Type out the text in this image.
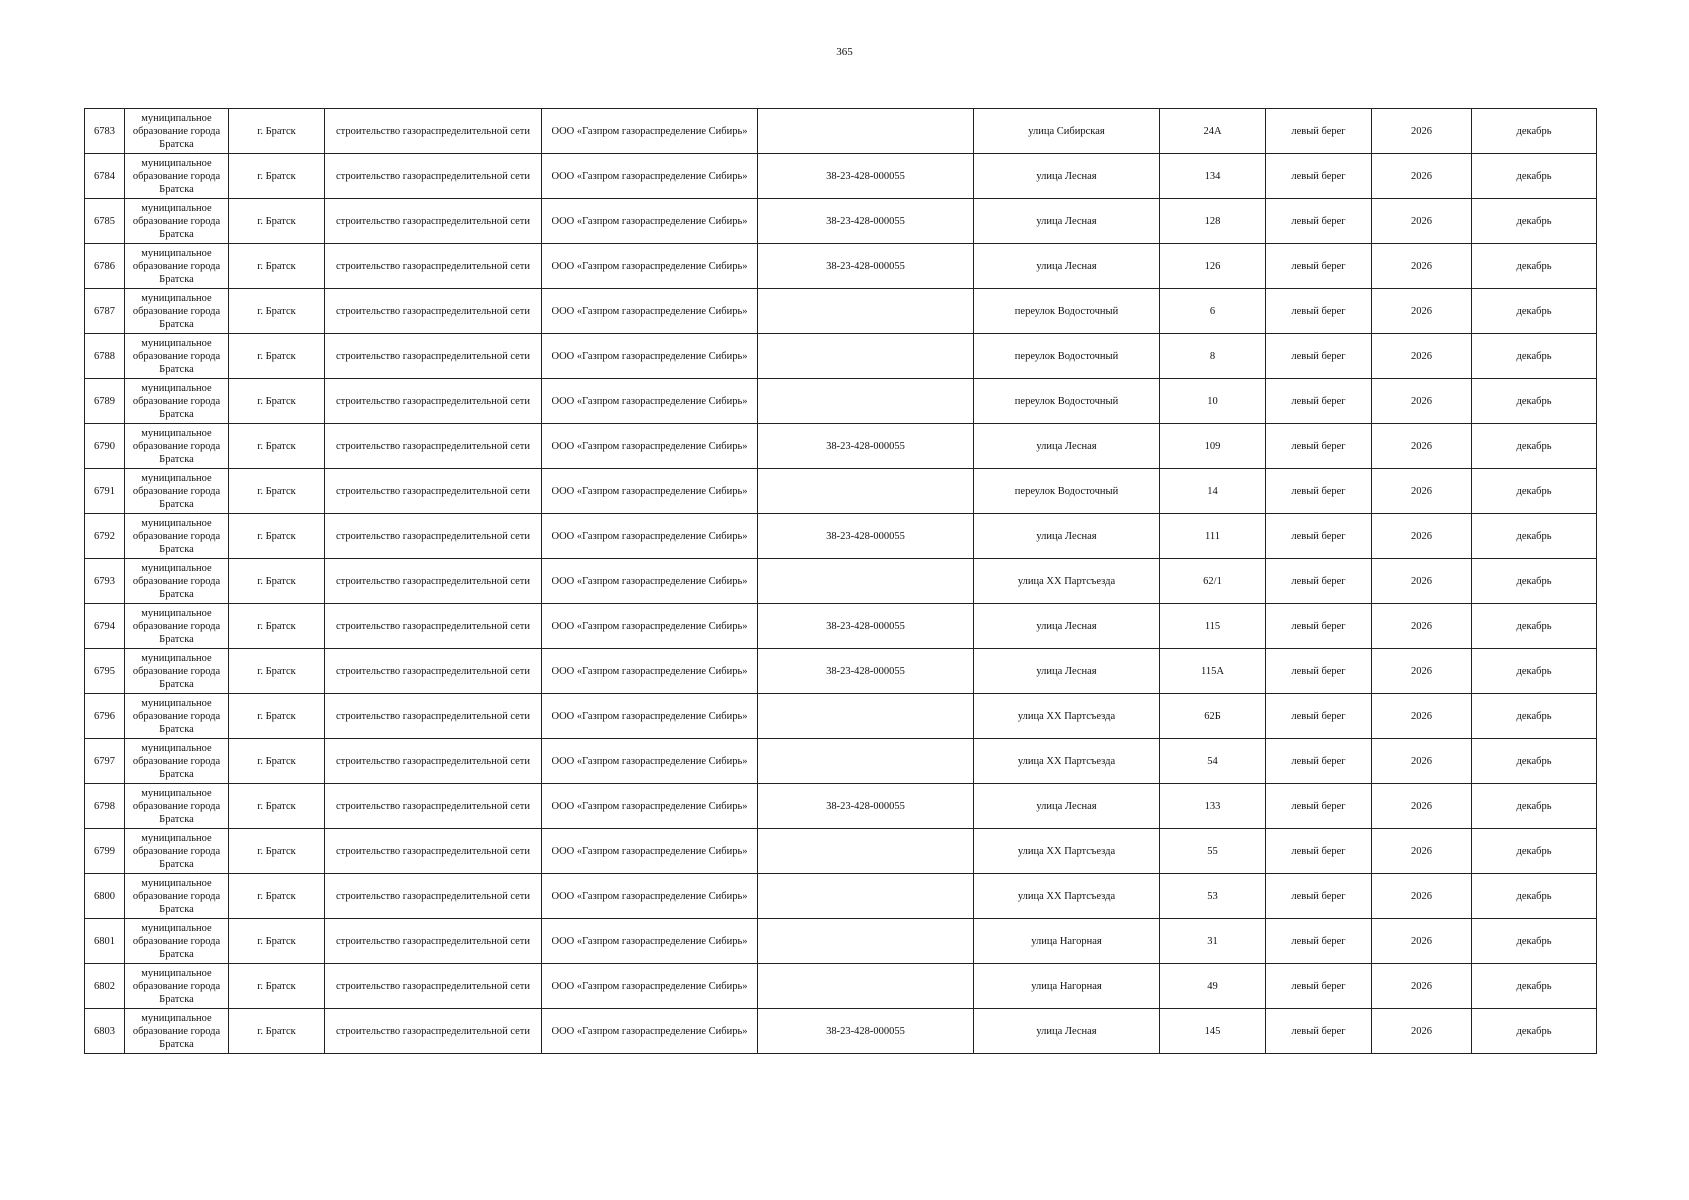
365
6783	муниципальное образование города Братска	г. Братск	строительство газораспределительной сети	ООО «Газпром газораспределение Сибирь»		улица Сибирская	24А	левый берег	2026	декабрь
6784	муниципальное образование города Братска	г. Братск	строительство газораспределительной сети	ООО «Газпром газораспределение Сибирь»	38-23-428-000055	улица Лесная	134	левый берег	2026	декабрь
6785	муниципальное образование города Братска	г. Братск	строительство газораспределительной сети	ООО «Газпром газораспределение Сибирь»	38-23-428-000055	улица Лесная	128	левый берег	2026	декабрь
6786	муниципальное образование города Братска	г. Братск	строительство газораспределительной сети	ООО «Газпром газораспределение Сибирь»	38-23-428-000055	улица Лесная	126	левый берег	2026	декабрь
6787	муниципальное образование города Братска	г. Братск	строительство газораспределительной сети	ООО «Газпром газораспределение Сибирь»		переулок Водосточный	6	левый берег	2026	декабрь
6788	муниципальное образование города Братска	г. Братск	строительство газораспределительной сети	ООО «Газпром газораспределение Сибирь»		переулок Водосточный	8	левый берег	2026	декабрь
6789	муниципальное образование города Братска	г. Братск	строительство газораспределительной сети	ООО «Газпром газораспределение Сибирь»		переулок Водосточный	10	левый берег	2026	декабрь
6790	муниципальное образование города Братска	г. Братск	строительство газораспределительной сети	ООО «Газпром газораспределение Сибирь»	38-23-428-000055	улица Лесная	109	левый берег	2026	декабрь
6791	муниципальное образование города Братска	г. Братск	строительство газораспределительной сети	ООО «Газпром газораспределение Сибирь»		переулок Водосточный	14	левый берег	2026	декабрь
6792	муниципальное образование города Братска	г. Братск	строительство газораспределительной сети	ООО «Газпром газораспределение Сибирь»	38-23-428-000055	улица Лесная	111	левый берег	2026	декабрь
6793	муниципальное образование города Братска	г. Братск	строительство газораспределительной сети	ООО «Газпром газораспределение Сибирь»		улица XX Партсъезда	62/1	левый берег	2026	декабрь
6794	муниципальное образование города Братска	г. Братск	строительство газораспределительной сети	ООО «Газпром газораспределение Сибирь»	38-23-428-000055	улица Лесная	115	левый берег	2026	декабрь
6795	муниципальное образование города Братска	г. Братск	строительство газораспределительной сети	ООО «Газпром газораспределение Сибирь»	38-23-428-000055	улица Лесная	115А	левый берег	2026	декабрь
6796	муниципальное образование города Братска	г. Братск	строительство газораспределительной сети	ООО «Газпром газораспределение Сибирь»		улица XX Партсъезда	62Б	левый берег	2026	декабрь
6797	муниципальное образование города Братска	г. Братск	строительство газораспределительной сети	ООО «Газпром газораспределение Сибирь»		улица XX Партсъезда	54	левый берег	2026	декабрь
6798	муниципальное образование города Братска	г. Братск	строительство газораспределительной сети	ООО «Газпром газораспределение Сибирь»	38-23-428-000055	улица Лесная	133	левый берег	2026	декабрь
6799	муниципальное образование города Братска	г. Братск	строительство газораспределительной сети	ООО «Газпром газораспределение Сибирь»		улица XX Партсъезда	55	левый берег	2026	декабрь
6800	муниципальное образование города Братска	г. Братск	строительство газораспределительной сети	ООО «Газпром газораспределение Сибирь»		улица XX Партсъезда	53	левый берег	2026	декабрь
6801	муниципальное образование города Братска	г. Братск	строительство газораспределительной сети	ООО «Газпром газораспределение Сибирь»		улица Нагорная	31	левый берег	2026	декабрь
6802	муниципальное образование города Братска	г. Братск	строительство газораспределительной сети	ООО «Газпром газораспределение Сибирь»		улица Нагорная	49	левый берег	2026	декабрь
6803	муниципальное образование города Братска	г. Братск	строительство газораспределительной сети	ООО «Газпром газораспределение Сибирь»	38-23-428-000055	улица Лесная	145	левый берег	2026	декабрь
